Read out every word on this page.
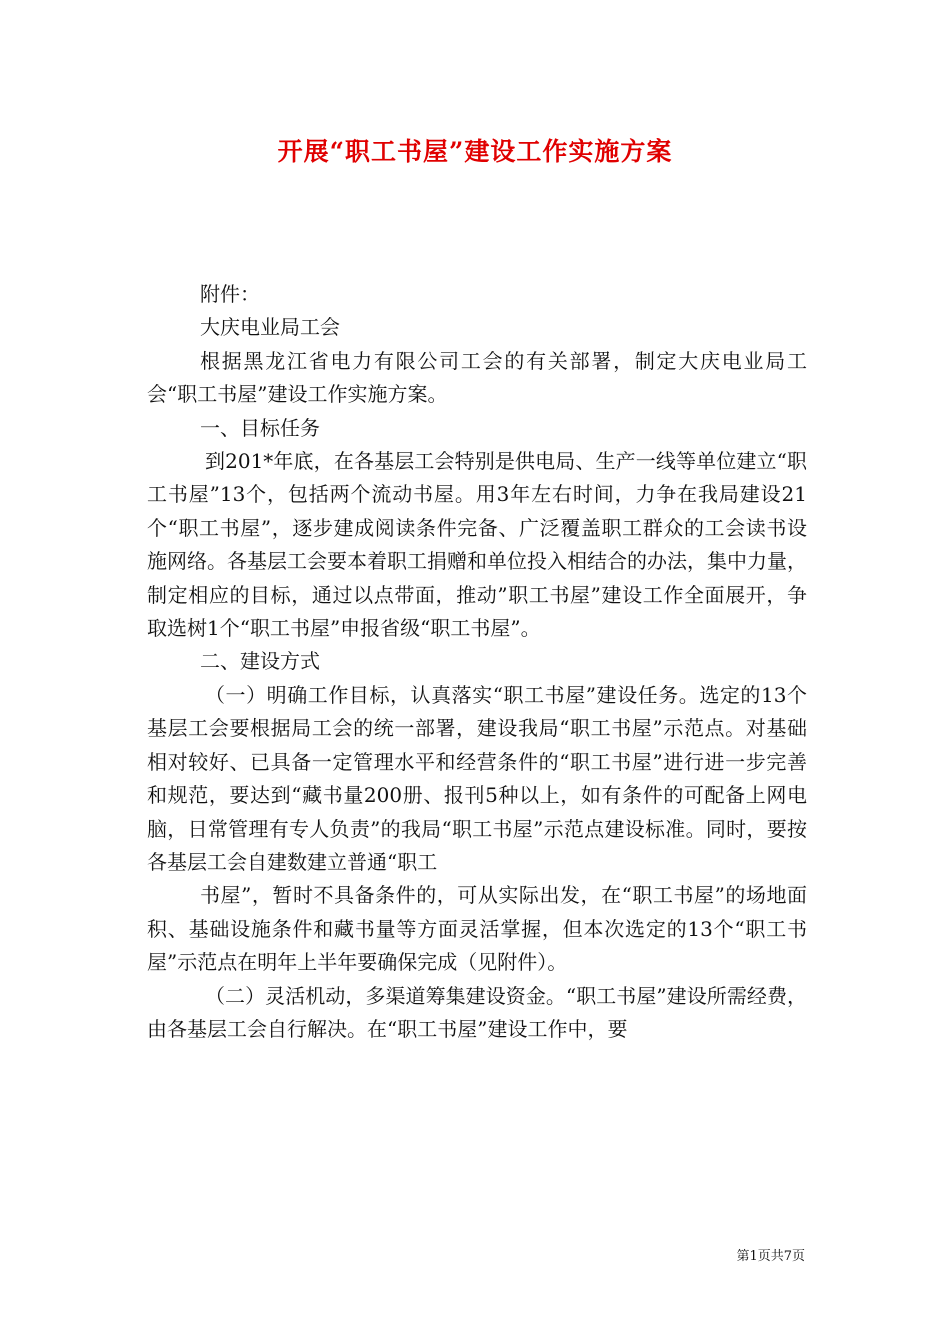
开展“职工书屋”建设工作实施方案

附件：

大庆电业局工会

根据黑龙江省电力有限公司工会的有关部署，制定大庆电业局工会“职工书屋”建设工作实施方案。

一、目标任务

到201*年底，在各基层工会特别是供电局、生产一线等单位建立“职工书屋”13个，包括两个流动书屋。用3年左右时间，力争在我局建设21个“职工书屋”，逐步建成阅读条件完备、广泛覆盖职工群众的工会读书设施网络。各基层工会要本着职工捐赠和单位投入相结合的办法，集中力量，制定相应的目标，通过以点带面，推动”职工书屋”建设工作全面展开，争取选树1个“职工书屋”申报省级“职工书屋”。

二、建设方式

（一）明确工作目标，认真落实“职工书屋”建设任务。选定的13个基层工会要根据局工会的统一部署，建设我局“职工书屋”示范点。对基础相对较好、已具备一定管理水平和经营条件的“职工书屋”进行进一步完善和规范，要达到“藏书量200册、报刊5种以上，如有条件的可配备上网电脑，日常管理有专人负责”的我局“职工书屋”示范点建设标准。同时，要按各基层工会自建数建立普通“职工

书屋”，暂时不具备条件的，可从实际出发，在“职工书屋”的场地面积、基础设施条件和藏书量等方面灵活掌握，但本次选定的13个“职工书屋”示范点在明年上半年要确保完成（见附件）。

（二）灵活机动，多渠道筹集建设资金。“职工书屋”建设所需经费，由各基层工会自行解决。在“职工书屋”建设工作中，要

第1页共7页
